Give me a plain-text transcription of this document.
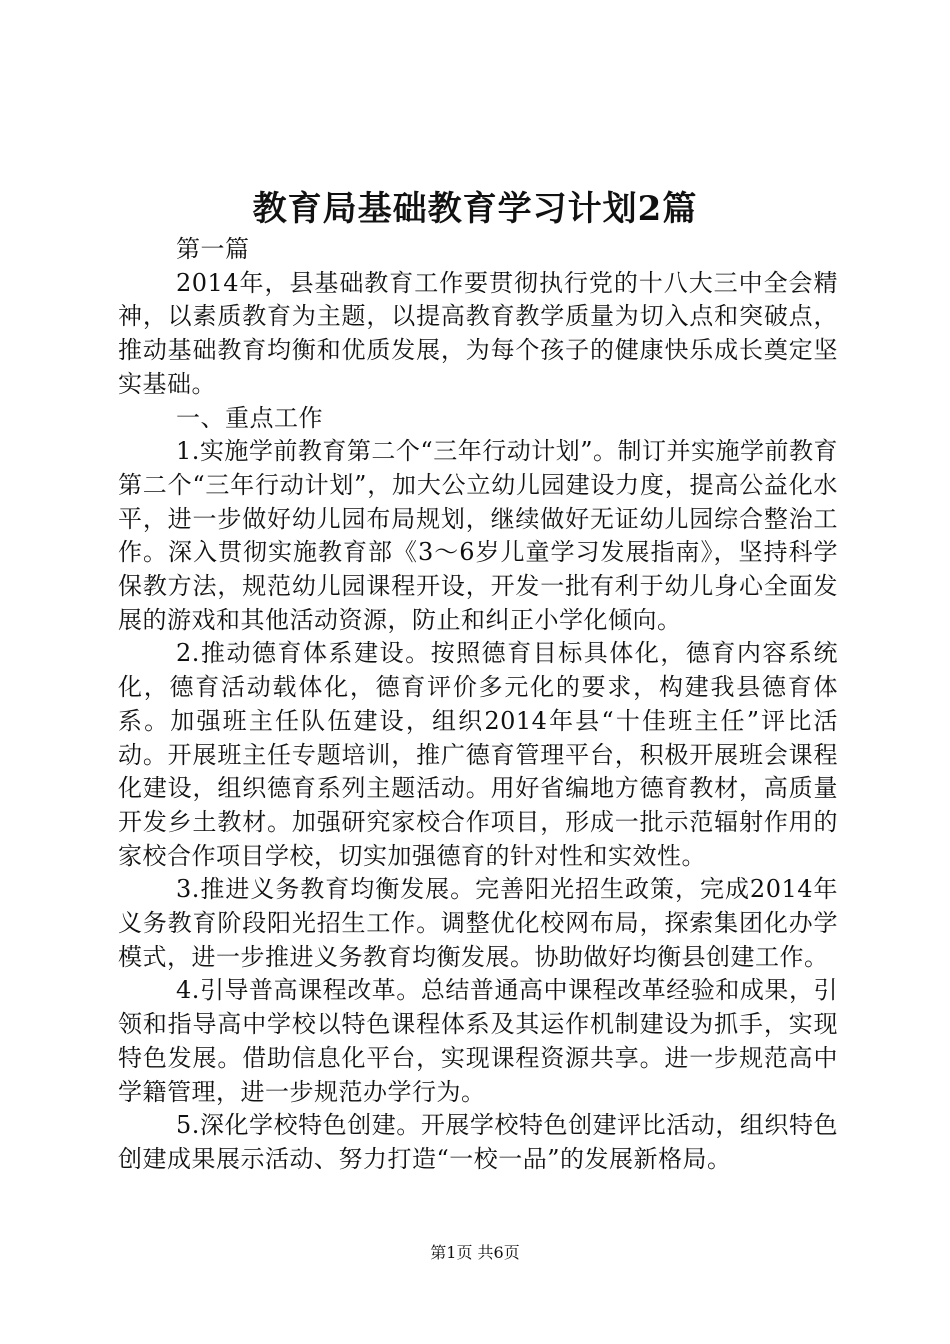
教育局基础教育学习计划2篇

第一篇

2014年，县基础教育工作要贯彻执行党的十八大三中全会精神，以素质教育为主题，以提高教育教学质量为切入点和突破点，推动基础教育均衡和优质发展，为每个孩子的健康快乐成长奠定坚实基础。

一、重点工作

1.实施学前教育第二个“三年行动计划”。制订并实施学前教育第二个“三年行动计划”，加大公立幼儿园建设力度，提高公益化水平，进一步做好幼儿园布局规划，继续做好无证幼儿园综合整治工作。深入贯彻实施教育部《3～6岁儿童学习发展指南》，坚持科学保教方法，规范幼儿园课程开设，开发一批有利于幼儿身心全面发展的游戏和其他活动资源，防止和纠正小学化倾向。

2.推动德育体系建设。按照德育目标具体化，德育内容系统化，德育活动载体化，德育评价多元化的要求，构建我县德育体系。加强班主任队伍建设，组织2014年县“十佳班主任”评比活动。开展班主任专题培训，推广德育管理平台，积极开展班会课程化建设，组织德育系列主题活动。用好省编地方德育教材，高质量开发乡土教材。加强研究家校合作项目，形成一批示范辐射作用的家校合作项目学校，切实加强德育的针对性和实效性。

3.推进义务教育均衡发展。完善阳光招生政策，完成2014年义务教育阶段阳光招生工作。调整优化校网布局，探索集团化办学模式，进一步推进义务教育均衡发展。协助做好均衡县创建工作。

4.引导普高课程改革。总结普通高中课程改革经验和成果，引领和指导高中学校以特色课程体系及其运作机制建设为抓手，实现特色发展。借助信息化平台，实现课程资源共享。进一步规范高中学籍管理，进一步规范办学行为。

5.深化学校特色创建。开展学校特色创建评比活动，组织特色创建成果展示活动、努力打造“一校一品”的发展新格局。

第1页 共6页
